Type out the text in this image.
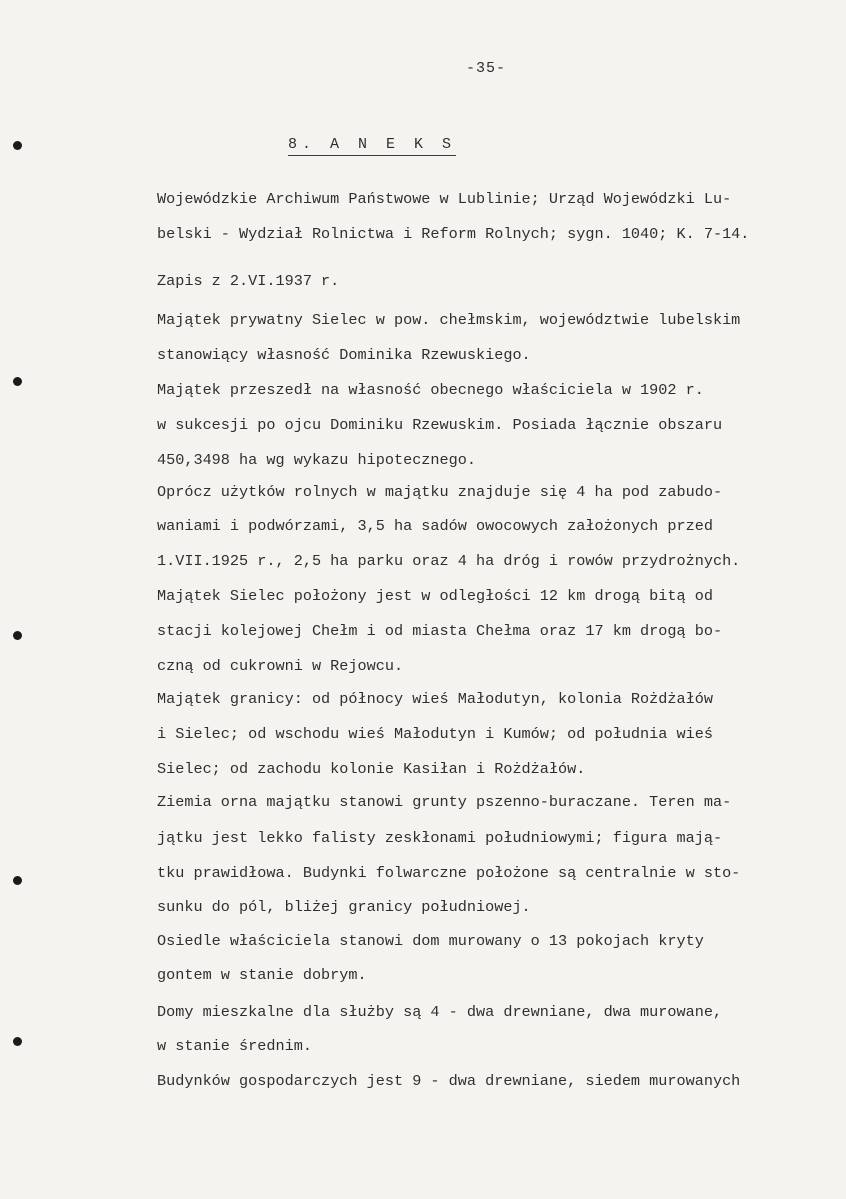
-35-
8. A N E K S
Wojewódzkie Archiwum Państwowe w Lublinie; Urząd Wojewódzki Lu-
belski - Wydział Rolnictwa i Reform Rolnych; sygn. 1040; K. 7-14.
Zapis z 2.VI.1937 r.
Majątek prywatny Sielec w pow. chełmskim, województwie lubelskim
stanowiący własność Dominika Rzewuskiego.
Majątek przeszedł na własność obecnego właściciela w 1902 r.
w sukcesji po ojcu Dominiku Rzewuskim. Posiada łącznie obszaru
450,3498 ha wg wykazu hipotecznego.
Oprócz użytków rolnych w majątku znajduje się 4 ha pod zabudo-
waniami i podwórzami, 3,5 ha sadów owocowych założonych przed
1.VII.1925 r., 2,5 ha parku oraz 4 ha dróg i rowów przydrożnych.
Majątek Sielec położony jest w odległości 12 km drogą bitą od
stacji kolejowej Chełm i od miasta Chełma oraz 17 km drogą bo-
czną od cukrowni w Rejowcu.
Majątek granicy: od północy wieś Małodutyn, kolonia Rożdżałów
i Sielec; od wschodu wieś Małodutyn i Kumów; od południa wieś
Sielec; od zachodu kolonie Kasiłan i Rożdżałów.
Ziemia orna majątku stanowi grunty pszenno-buraczane. Teren ma-
jątku jest lekko falisty zeskłonami południowymi; figura mają-
tku prawidłowa. Budynki folwarczne położone są centralnie w sto-
sunku do pól, bliżej granicy południowej.
Osiedle właściciela stanowi dom murowany o 13 pokojach kryty
gontem w stanie dobrym.
Domy mieszkalne dla służby są 4 - dwa drewniane, dwa murowane,
w stanie średnim.
Budynków gospodarczych jest 9 - dwa drewniane, siedem murowanych
